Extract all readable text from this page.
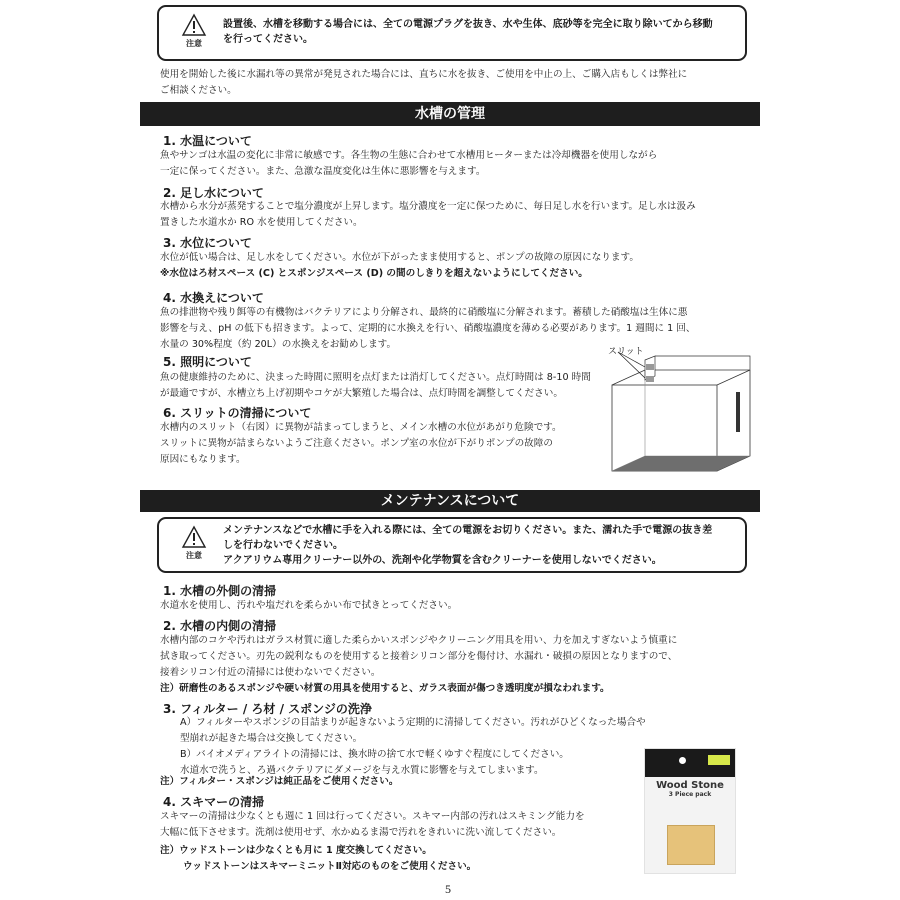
注意
設置後、水槽を移動する場合には、全ての電源プラグを抜き、水や生体、底砂等を完全に取り除いてから移動
を行ってください。
使用を開始した後に水漏れ等の異常が発見された場合には、直ちに水を抜き、ご使用を中止の上、ご購入店もしくは弊社に
ご相談ください。
水槽の管理
1. 水温について
魚やサンゴは水温の変化に非常に敏感です。各生物の生態に合わせて水槽用ヒーターまたは冷却機器を使用しながら
一定に保ってください。また、急激な温度変化は生体に悪影響を与えます。
2. 足し水について
水槽から水分が蒸発することで塩分濃度が上昇します。塩分濃度を一定に保つために、毎日足し水を行います。足し水は汲み
置きした水道水か RO 水を使用してください。
3. 水位について
水位が低い場合は、足し水をしてください。水位が下がったまま使用すると、ポンプの故障の原因になります。
※水位はろ材スペース (C) とスポンジスペース (D) の間のしきりを超えないようにしてください。
4. 水換えについて
魚の排泄物や残り餌等の有機物はバクテリアにより分解され、最終的に硝酸塩に分解されます。蓄積した硝酸塩は生体に悪
影響を与え、pH の低下も招きます。よって、定期的に水換えを行い、硝酸塩濃度を薄める必要があります。1 週間に 1 回、
水量の 30%程度（約 20L）の水換えをお勧めします。
5. 照明について
魚の健康維持のために、決まった時間に照明を点灯または消灯してください。点灯時間は 8-10 時間
が最適ですが、水槽立ち上げ初期やコケが大繁殖した場合は、点灯時間を調整してください。
6. スリットの清掃について
水槽内のスリット（右図）に異物が詰まってしまうと、メイン水槽の水位があがり危険です。
スリットに異物が詰まらないようご注意ください。ポンプ室の水位が下がりポンプの故障の
原因にもなります。
スリット
メンテナンスについて
注意
メンテナンスなどで水槽に手を入れる際には、全ての電源をお切りください。また、濡れた手で電源の抜き差
しを行わないでください。
アクアリウム専用クリーナー以外の、洗剤や化学物質を含むクリーナーを使用しないでください。
1. 水槽の外側の清掃
水道水を使用し、汚れや塩だれを柔らかい布で拭きとってください。
2. 水槽の内側の清掃
水槽内部のコケや汚れはガラス材質に適した柔らかいスポンジやクリーニング用具を用い、力を加えすぎないよう慎重に
拭き取ってください。刃先の鋭利なものを使用すると接着シリコン部分を傷付け、水漏れ・破損の原因となりますので、
接着シリコン付近の清掃には使わないでください。
注）研磨性のあるスポンジや硬い材質の用具を使用すると、ガラス表面が傷つき透明度が損なわれます。
3. フィルター / ろ材 / スポンジの洗浄
A）フィルターやスポンジの目詰まりが起きないよう定期的に清掃してください。汚れがひどくなった場合や
型崩れが起きた場合は交換してください。
B）バイオメディアライトの清掃には、換水時の捨て水で軽くゆすぐ程度にしてください。
水道水で洗うと、ろ過バクテリアにダメージを与え水質に影響を与えてしまいます。
注）フィルター・スポンジは純正品をご使用ください。
4. スキマーの清掃
スキマーの清掃は少なくとも週に 1 回は行ってください。スキマー内部の汚れはスキミング能力を
大幅に低下させます。洗剤は使用せず、水かぬるま湯で汚れをきれいに洗い流してください。
注）ウッドストーンは少なくとも月に 1 度交換してください。
ウッドストーンはスキマーミニットⅡ対応のものをご使用ください。
Wood Stone
3 Piece pack
5
